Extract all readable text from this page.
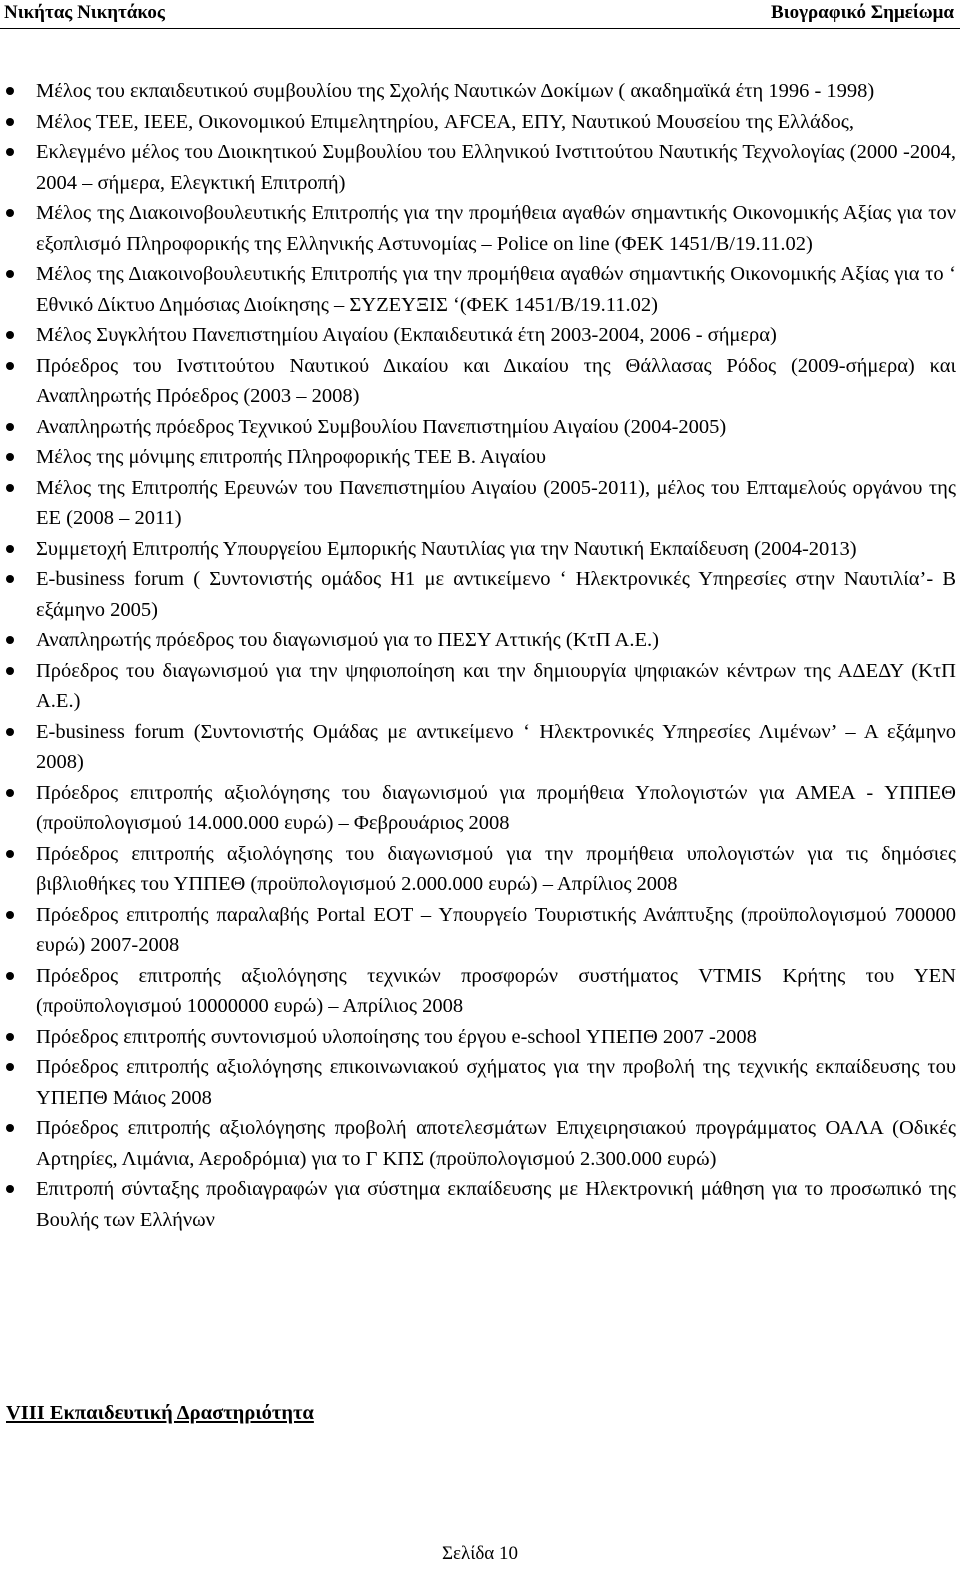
Νικήτας Νικητάκος	Βιογραφικό Σημείωμα
Μέλος του εκπαιδευτικού συμβουλίου της Σχολής Ναυτικών Δοκίμων ( ακαδημαϊκά έτη 1996 - 1998)
Μέλος ΤΕΕ, IEEE, Οικονομικού Επιμελητηρίου, AFCEA, ΕΠΥ, Ναυτικού Μουσείου της Ελλάδος,
Εκλεγμένο μέλος του Διοικητικού Συμβουλίου του Ελληνικού Ινστιτούτου Ναυτικής Τεχνολογίας (2000 -2004, 2004 – σήμερα, Ελεγκτική Επιτροπή)
Μέλος της Διακοινοβουλευτικής Επιτροπής για την προμήθεια αγαθών σημαντικής Οικονομικής Αξίας για τον εξοπλισμό Πληροφορικής της Ελληνικής Αστυνομίας – Police on line (ΦΕΚ 1451/Β/19.11.02)
Μέλος της Διακοινοβουλευτικής Επιτροπής για την προμήθεια αγαθών σημαντικής Οικονομικής Αξίας για το ‘ Εθνικό Δίκτυο Δημόσιας Διοίκησης – ΣΥΖΕΥΞΙΣ ‘(ΦΕΚ 1451/Β/19.11.02)
Μέλος Συγκλήτου Πανεπιστημίου Αιγαίου (Εκπαιδευτικά έτη 2003-2004, 2006 - σήμερα)
Πρόεδρος του Ινστιτούτου Ναυτικού Δικαίου και Δικαίου της Θάλλασας Ρόδος (2009-σήμερα) και Αναπληρωτής Πρόεδρος (2003 – 2008)
Αναπληρωτής πρόεδρος Τεχνικού Συμβουλίου Πανεπιστημίου Αιγαίου (2004-2005)
Μέλος της μόνιμης επιτροπής Πληροφορικής ΤΕΕ Β. Αιγαίου
Μέλος της Επιτροπής Ερευνών του Πανεπιστημίου Αιγαίου (2005-2011), μέλος του Επταμελούς οργάνου της ΕΕ (2008 – 2011)
Συμμετοχή Επιτροπής Υπουργείου Εμπορικής Ναυτιλίας για την Ναυτική Εκπαίδευση (2004-2013)
E-business forum ( Συντονιστής ομάδος Η1 με αντικείμενο ‘ Ηλεκτρονικές Υπηρεσίες στην Ναυτιλία’- Β εξάμηνο 2005)
Αναπληρωτής πρόεδρος του διαγωνισμού για το ΠΕΣΥ Αττικής (ΚτΠ Α.Ε.)
Πρόεδρος του διαγωνισμού για την ψηφιοποίηση και την δημιουργία ψηφιακών κέντρων της ΑΔΕΔΥ (ΚτΠ Α.Ε.)
E-business forum (Συντονιστής Ομάδας με αντικείμενο ‘ Ηλεκτρονικές Υπηρεσίες Λιμένων’ – Α εξάμηνο 2008)
Πρόεδρος επιτροπής αξιολόγησης του διαγωνισμού για προμήθεια Υπολογιστών για ΑΜΕΑ - ΥΠΠΕΘ (προϋπολογισμού 14.000.000 ευρώ) – Φεβρουάριος 2008
Πρόεδρος επιτροπής αξιολόγησης του διαγωνισμού για την προμήθεια υπολογιστών για τις δημόσιες βιβλιοθήκες του ΥΠΠΕΘ (προϋπολογισμού 2.000.000 ευρώ) – Απρίλιος 2008
Πρόεδρος επιτροπής παραλαβής Portal ΕΟΤ – Υπουργείο Τουριστικής Ανάπτυξης (προϋπολογισμού 700000 ευρώ) 2007-2008
Πρόεδρος επιτροπής αξιολόγησης τεχνικών προσφορών συστήματος VTMIS Κρήτης του ΥΕΝ (προϋπολογισμού 10000000 ευρώ) – Απρίλιος 2008
Πρόεδρος επιτροπής συντονισμού υλοποίησης του έργου e-school ΥΠΕΠΘ 2007 -2008
Πρόεδρος επιτροπής αξιολόγησης επικοινωνιακού σχήματος για την προβολή της τεχνικής εκπαίδευσης του ΥΠΕΠΘ Μάιος 2008
Πρόεδρος επιτροπής αξιολόγησης προβολή αποτελεσμάτων Επιχειρησιακού προγράμματος ΟΑΛΑ (Οδικές Αρτηρίες, Λιμάνια, Αεροδρόμια) για το Γ ΚΠΣ (προϋπολογισμού 2.300.000 ευρώ)
Επιτροπή σύνταξης προδιαγραφών για σύστημα εκπαίδευσης με Ηλεκτρονική μάθηση για το προσωπικό της Βουλής των Ελλήνων
VIII Εκπαιδευτική Δραστηριότητα
Σελίδα 10
